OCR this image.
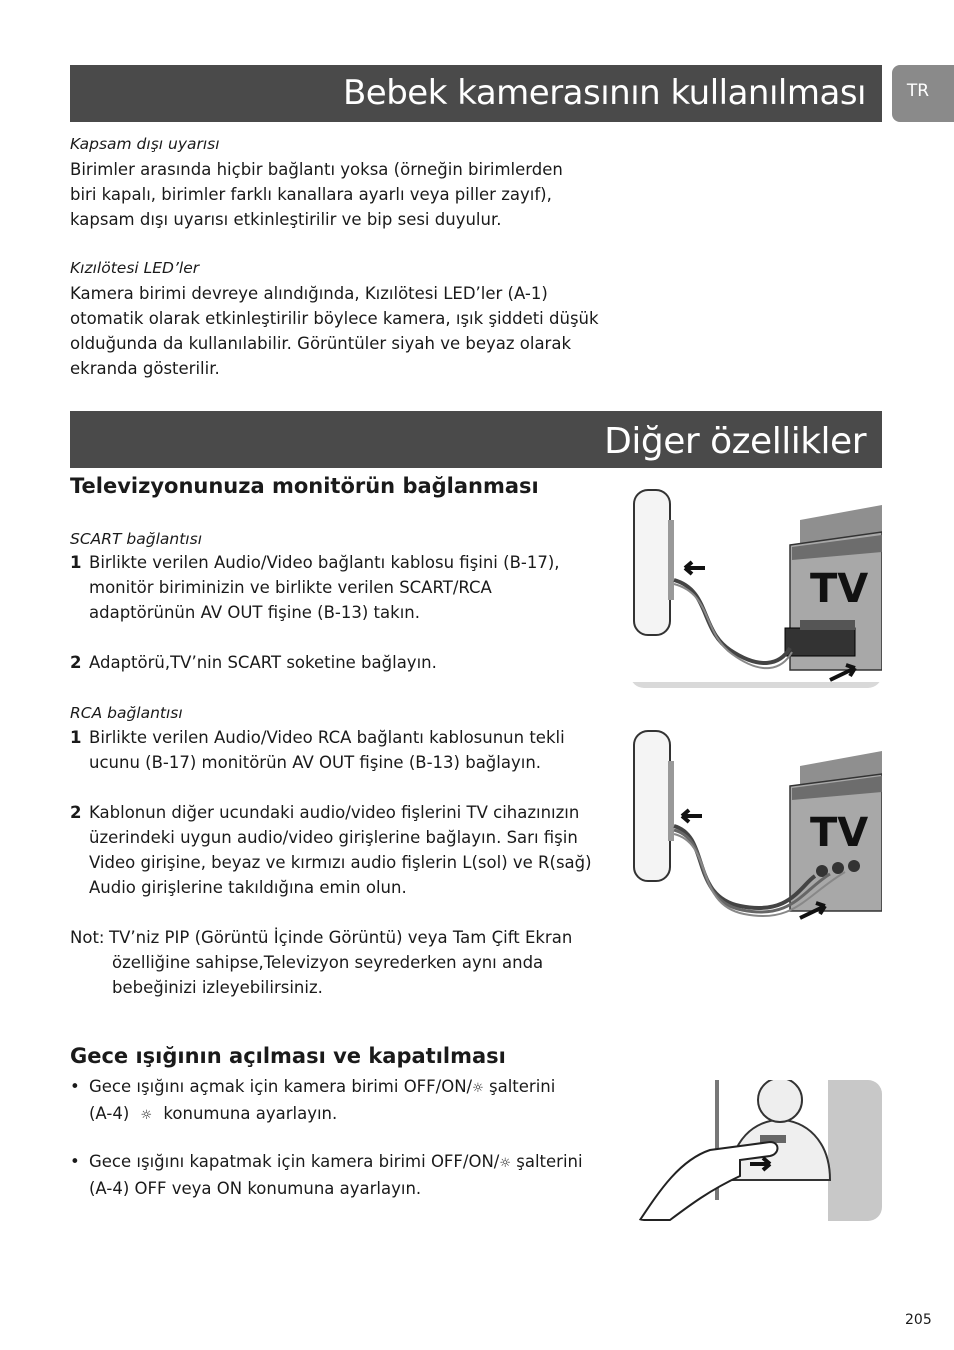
Bebek kamerasının kullanılması	TR
Kapsam dışı uyarısı
Birimler arasında hiçbir bağlantı yoksa (örneğin birimlerden
biri kapalı, birimler farklı kanallara ayarlı veya piller zayıf),
kapsam dışı uyarısı etkinleştirilir ve bip sesi duyulur.
Kızılötesi LED’ler
Kamera birimi devreye alındığında, Kızılötesi LED’ler (A-1)
otomatik olarak etkinleştirilir böylece kamera, ışık şiddeti düşük
olduğunda da kullanılabilir. Görüntüler siyah ve beyaz olarak
ekranda gösterilir.
Diğer özellikler
Televizyonunuza monitörün bağlanması
SCART bağlantısı
1 Birlikte verilen Audio/Video bağlantı kablosu fişini (B-17),
monitör biriminizin ve birlikte verilen SCART/RCA
adaptörünün AV OUT fişine (B-13) takın.
2 Adaptörü,TV’nin SCART soketine bağlayın.
RCA bağlantısı
1 Birlikte verilen Audio/Video RCA bağlantı kablosunun tekli
ucunu (B-17) monitörün AV OUT fişine (B-13) bağlayın.
2 Kablonun diğer ucundaki audio/video fişlerini TV cihazınızın
üzerindeki uygun audio/video girişlerine bağlayın. Sarı fişin
Video girişine, beyaz ve kırmızı audio fişlerin L(sol) ve R(sağ)
Audio girişlerine takıldığına emin olun.
Not: TV’niz PIP (Görüntü İçinde Görüntü) veya Tam Çift Ekran
özelliğine sahipse,Televizyon seyrederken aynı anda
bebeğinizi izleyebilirsiniz.
Gece ışığının açılması ve kapatılması
• Gece ışığını açmak için kamera birimi OFF/ON/☼ şalterini
(A-4) ☼ konumuna ayarlayın.
• Gece ışığını kapatmak için kamera birimi OFF/ON/☼ şalterini
(A-4) OFF veya ON konumuna ayarlayın.
TV
TV
205
